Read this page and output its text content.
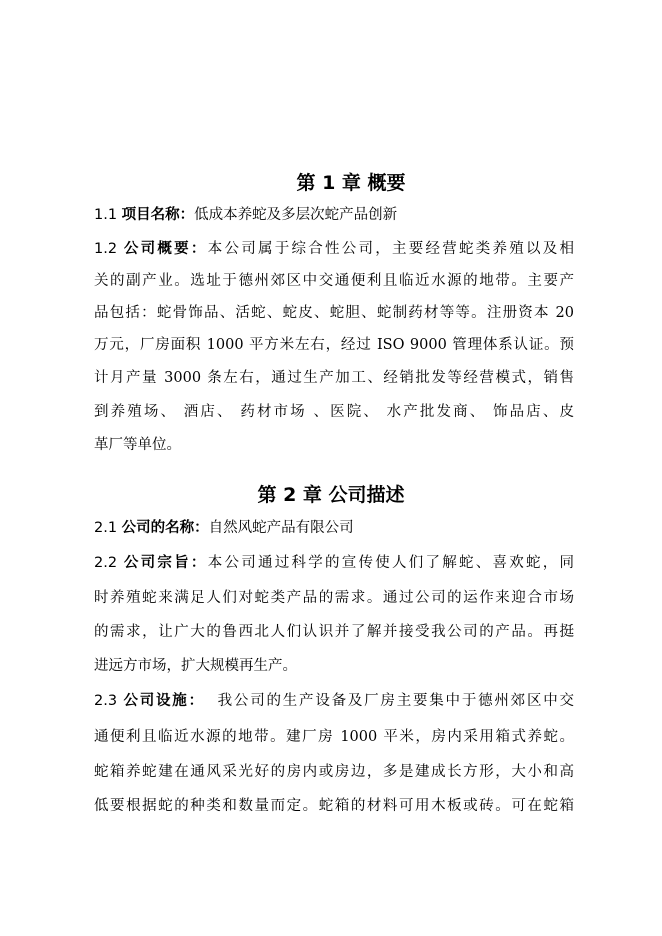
第 1 章 概要
1.1 项目名称：低成本养蛇及多层次蛇产品创新
1.2 公司概要：本公司属于综合性公司，主要经营蛇类养殖以及相
关的副产业。选址于德州郊区中交通便利且临近水源的地带。主要产
品包括：蛇骨饰品、活蛇、蛇皮、蛇胆、蛇制药材等等。注册资本 20
万元，厂房面积 1000 平方米左右，经过 ISO 9000 管理体系认证。预
计月产量 3000 条左右，通过生产加工、经销批发等经营模式，销售
到养殖场、 酒店、 药材市场 、医院、 水产批发商、 饰品店、皮
革厂等单位。
第 2 章 公司描述
2.1 公司的名称：自然风蛇产品有限公司
2.2 公司宗旨：本公司通过科学的宣传使人们了解蛇、喜欢蛇，同
时养殖蛇来满足人们对蛇类产品的需求。通过公司的运作来迎合市场
的需求，让广大的鲁西北人们认识并了解并接受我公司的产品。再挺
进远方市场，扩大规模再生产。
2.3 公司设施：  我公司的生产设备及厂房主要集中于德州郊区中交
通便利且临近水源的地带。建厂房 1000 平米，房内采用箱式养蛇。
蛇箱养蛇建在通风采光好的房内或房边，多是建成长方形，大小和高
低要根据蛇的种类和数量而定。蛇箱的材料可用木板或砖。可在蛇箱
